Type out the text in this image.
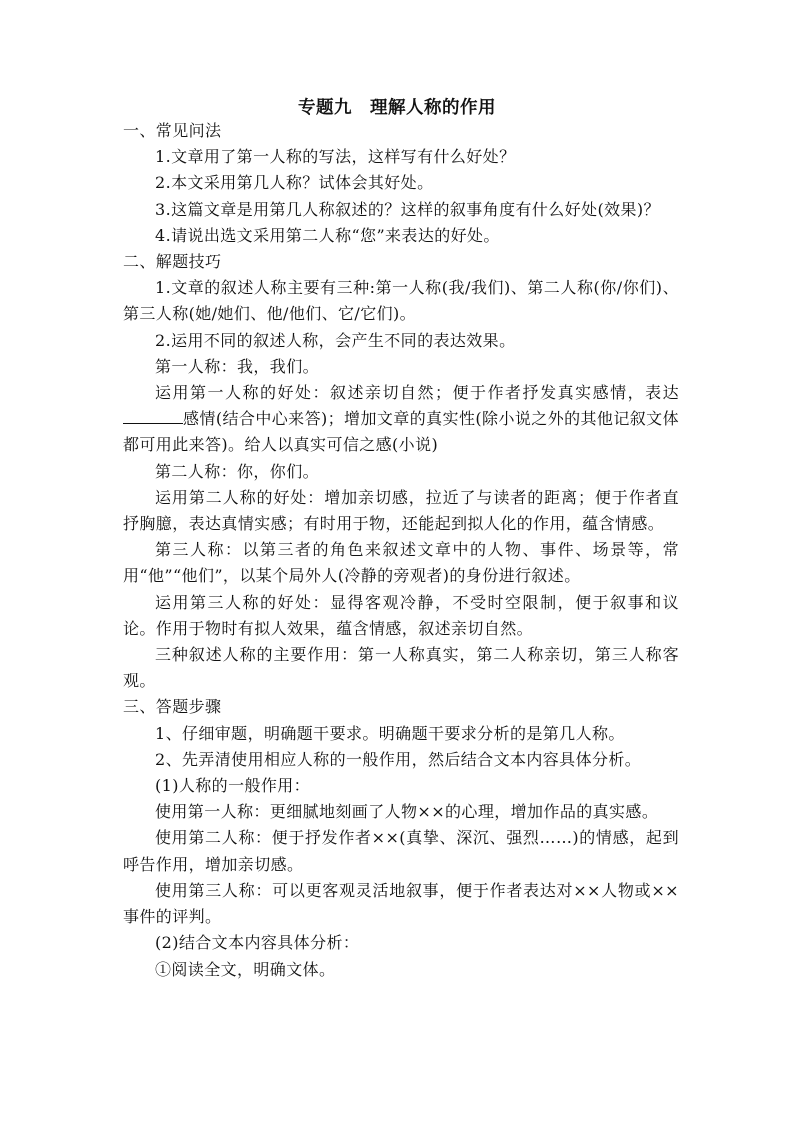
专题九　理解人称的作用

一、常见问法

1.文章用了第一人称的写法，这样写有什么好处？

2.本文采用第几人称？试体会其好处。

3.这篇文章是用第几人称叙述的？这样的叙事角度有什么好处(效果)？

4.请说出选文采用第二人称“您”来表达的好处。

二、解题技巧

1.文章的叙述人称主要有三种:第一人称(我/我们)、第二人称(你/你们)、第三人称(她/她们、他/他们、它/它们)。

2.运用不同的叙述人称，会产生不同的表达效果。

第一人称：我，我们。

运用第一人称的好处：叙述亲切自然；便于作者抒发真实感情，表达感情(结合中心来答)；增加文章的真实性(除小说之外的其他记叙文体都可用此来答)。给人以真实可信之感(小说)

第二人称：你，你们。

运用第二人称的好处：增加亲切感，拉近了与读者的距离；便于作者直抒胸臆，表达真情实感；有时用于物，还能起到拟人化的作用，蕴含情感。

第三人称：以第三者的角色来叙述文章中的人物、事件、场景等，常用“他”“他们”，以某个局外人(冷静的旁观者)的身份进行叙述。

运用第三人称的好处：显得客观冷静，不受时空限制，便于叙事和议论。作用于物时有拟人效果，蕴含情感，叙述亲切自然。

三种叙述人称的主要作用：第一人称真实，第二人称亲切，第三人称客观。

三、答题步骤

1、仔细审题，明确题干要求。明确题干要求分析的是第几人称。

2、先弄清使用相应人称的一般作用，然后结合文本内容具体分析。

(1)人称的一般作用：

使用第一人称：更细腻地刻画了人物××的心理，增加作品的真实感。

使用第二人称：便于抒发作者××(真挚、深沉、强烈……)的情感，起到呼告作用，增加亲切感。

使用第三人称：可以更客观灵活地叙事，便于作者表达对××人物或××事件的评判。

(2)结合文本内容具体分析：

①阅读全文，明确文体。
